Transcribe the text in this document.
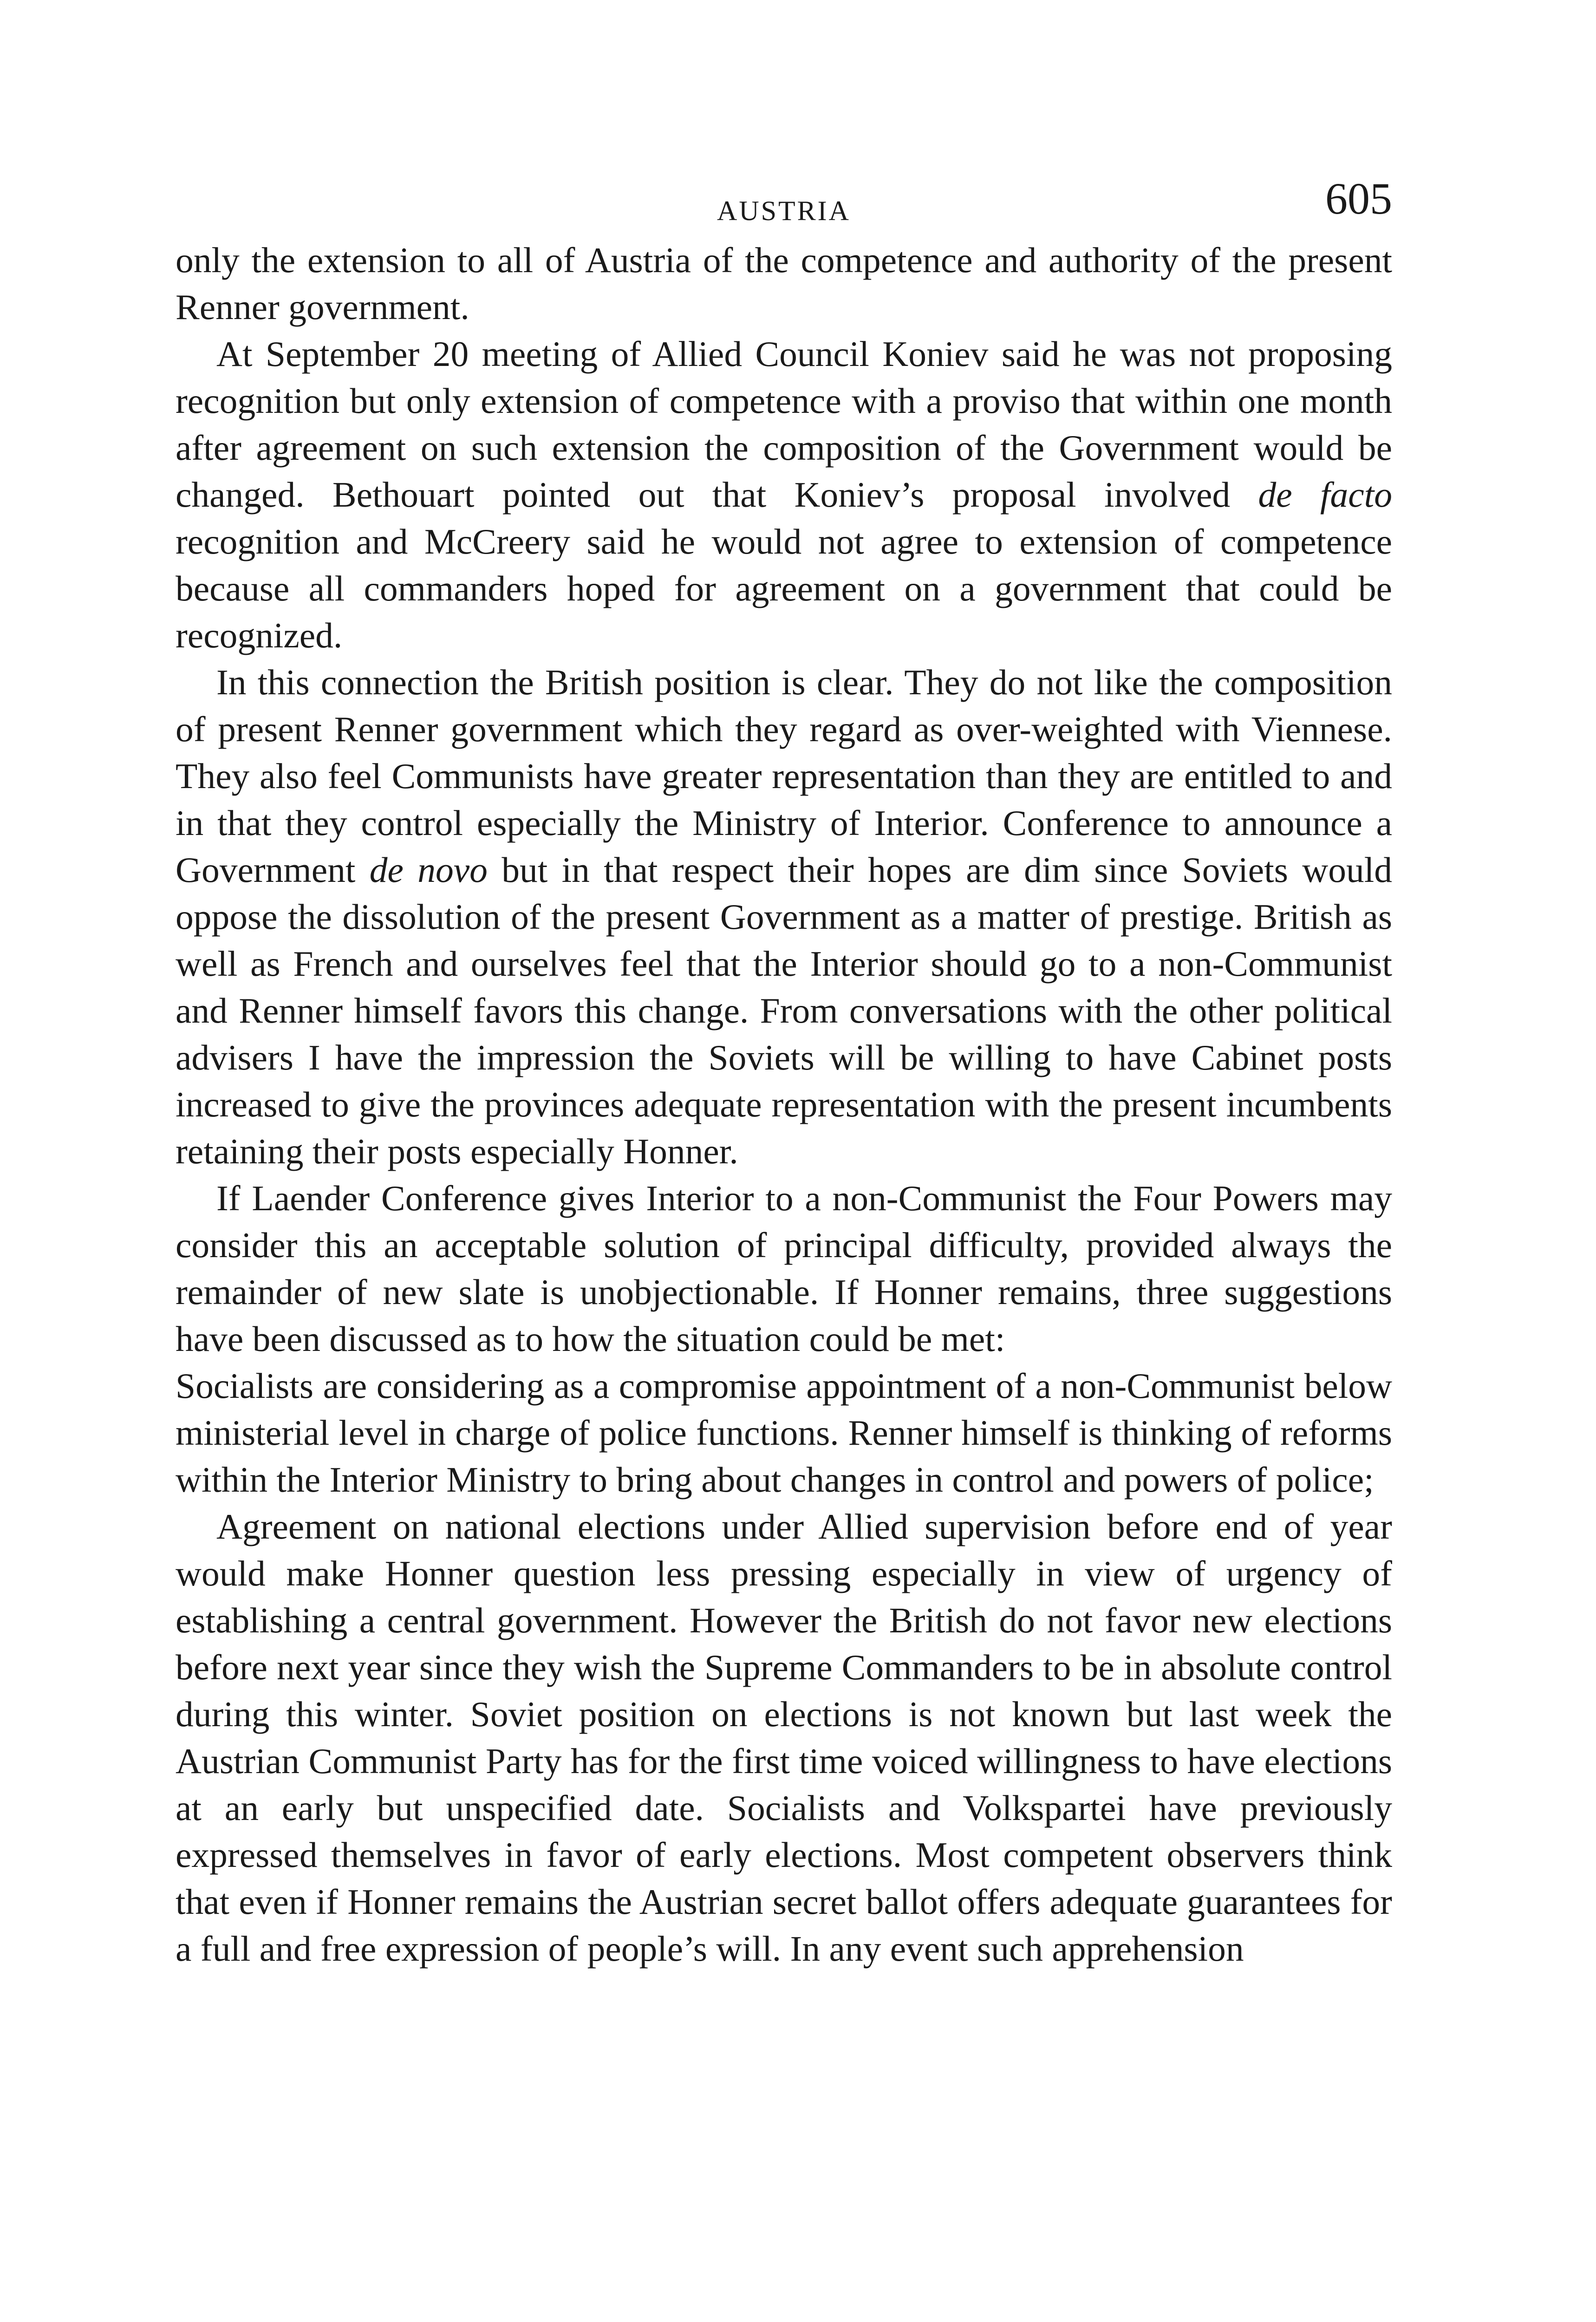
AUSTRIA	605

only the extension to all of Austria of the competence and authority of the present Renner government.

At September 20 meeting of Allied Council Koniev said he was not proposing recognition but only extension of competence with a proviso that within one month after agreement on such extension the composition of the Government would be changed. Bethouart pointed out that Koniev’s proposal involved de facto recognition and McCreery said he would not agree to extension of competence because all commanders hoped for agreement on a government that could be recognized.

In this connection the British position is clear. They do not like the composition of present Renner government which they regard as over-weighted with Viennese. They also feel Communists have greater representation than they are entitled to and in that they control especially the Ministry of Interior. Conference to announce a Government de novo but in that respect their hopes are dim since Soviets would oppose the dissolution of the present Government as a matter of prestige. British as well as French and ourselves feel that the Interior should go to a non-Communist and Renner himself favors this change. From conversations with the other political advisers I have the impression the Soviets will be willing to have Cabinet posts increased to give the provinces adequate representation with the present incumbents retaining their posts especially Honner.

If Laender Conference gives Interior to a non-Communist the Four Powers may consider this an acceptable solution of principal difficulty, provided always the remainder of new slate is unobjectionable. If Honner remains, three suggestions have been discussed as to how the situation could be met:

Socialists are considering as a compromise appointment of a non-Communist below ministerial level in charge of police functions. Renner himself is thinking of reforms within the Interior Ministry to bring about changes in control and powers of police;

Agreement on national elections under Allied supervision before end of year would make Honner question less pressing especially in view of urgency of establishing a central government. However the British do not favor new elections before next year since they wish the Supreme Commanders to be in absolute control during this winter. Soviet position on elections is not known but last week the Austrian Communist Party has for the first time voiced willingness to have elections at an early but unspecified date. Socialists and Volkspartei have previously expressed themselves in favor of early elections. Most competent observers think that even if Honner remains the Austrian secret ballot offers adequate guarantees for a full and free expression of people’s will. In any event such apprehension
